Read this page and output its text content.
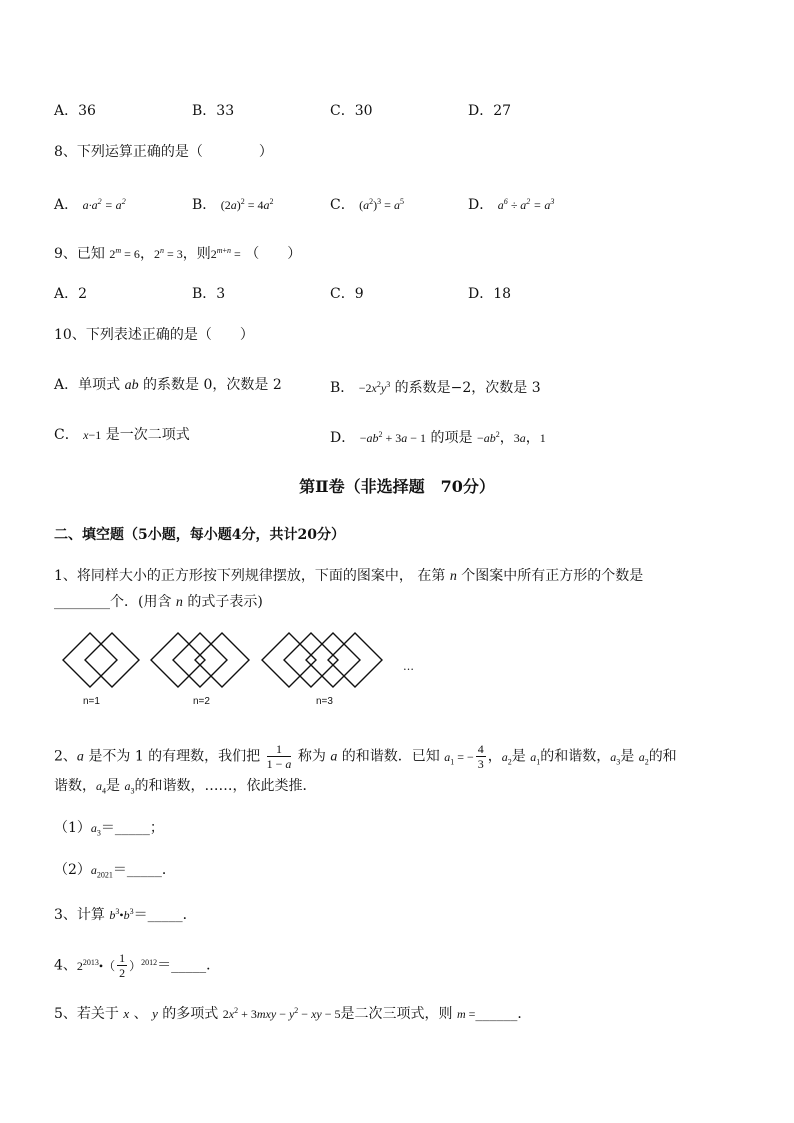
A．36	B．33	C．30	D．27
8、下列运算正确的是（　　　　）
A． $a\cdot a^2 = a^2$	B． $(2a)^2 = 4a^2$	C． $(a^2)^3 = a^5$	D． $a^6 \div a^2 = a^3$
9、已知 $2^m = 6$，$2^n = 3$，则$2^{m+n}$ = （　　）
A．2	B．3	C．9	D．18
10、下列表述正确的是（　　）
A．单项式 ab 的系数是 0，次数是 2	B． $-2x^2y^3$ 的系数是−2，次数是 3
C． x−1 是一次二项式	D． $-ab^2 + 3a - 1$ 的项是 $-ab^2$，3a，1
第Ⅱ卷（非选择题　70分）
二、填空题（5小题，每小题4分，共计20分）
1、将同样大小的正方形按下列规律摆放，下面的图案中， 在第 n 个图案中所有正方形的个数是
________个．(用含 n 的式子表示)
…
n=1	n=2	n=3
2、a 是不为 1 的有理数，我们把 $\frac{1}{1 - a}$ 称为 a 的和谐数．已知 $a_1$ = − $\frac{4}{3}$ ，$a_2$是 $a_1$的和谐数，$a_3$是 $a_2$的和
谐数，$a_4$是 $a_3$的和谐数，……，依此类推．
$(1)a_3=\_\_\_\_\_$；
$(2)a_{2021}=\_\_\_\_\_$．
3、计算 $b^3•b^3=\_\_\_\_\_$．
4、$2^{2013}•( \frac{1}{2}$ ）$^{2012}$＝_____．
5、若关于 x 、 y 的多项式 $2x^2 + 3mxy - y^2$ − xy − 5是二次三项式，则 m =______．
